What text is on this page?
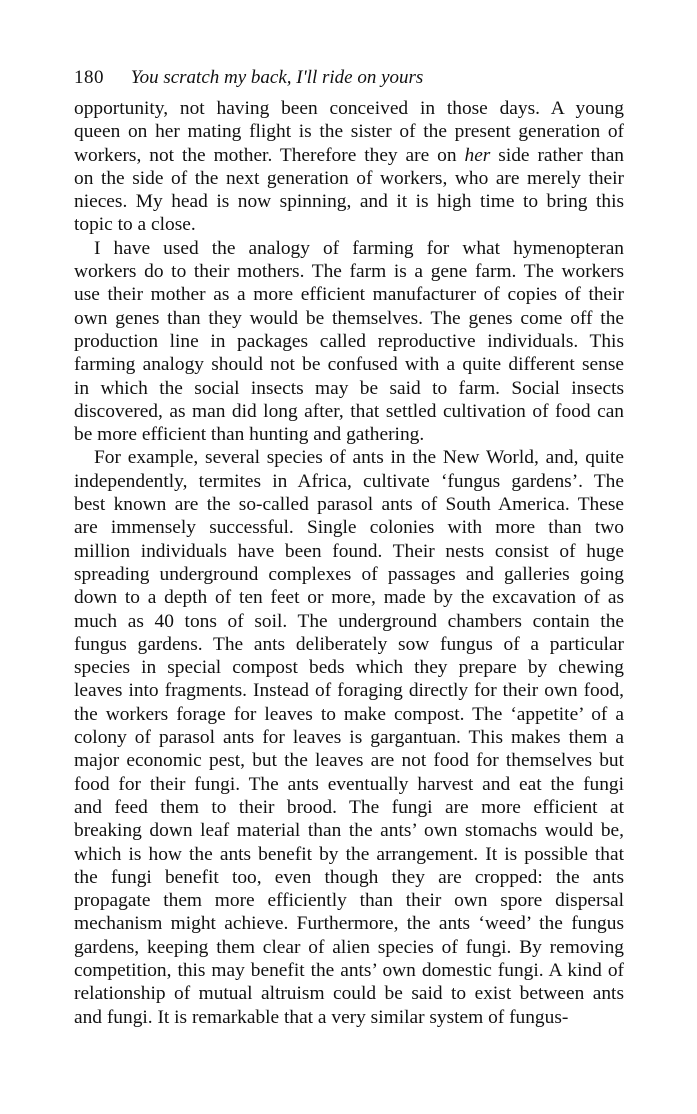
180 You scratch my back, I'll ride on yours

opportunity, not having been conceived in those days. A young
queen on her mating flight is the sister of the present generation of
workers, not the mother. Therefore they are on her side rather than
on the side of the next generation of workers, who are merely their
nieces. My head is now spinning, and it is high time to bring this
topic to a close.

I have used the analogy of farming for what hymenopteran
workers do to their mothers. The farm is a gene farm. The workers
use their mother as a more efficient manufacturer of copies of their
own genes than they would be themselves. The genes come off the
production line in packages called reproductive individuals. This
farming analogy should not be confused with a quite different sense
in which the social insects may be said to farm. Social insects
discovered, as man did long after, that settled cultivation of food can
be more efficient than hunting and gathering.

For example, several species of ants in the New World, and, quite
independently, termites in Africa, cultivate ‘fungus gardens’. The
best known are the so-called parasol ants of South America. These
are immensely successful. Single colonies with more than two
million individuals have been found. Their nests consist of huge
spreading underground complexes of passages and galleries going
down to a depth of ten feet or more, made by the excavation of as
much as 40 tons of soil. The underground chambers contain the
fungus gardens. The ants deliberately sow fungus of a particular
species in special compost beds which they prepare by chewing
leaves into fragments. Instead of foraging directly for their own food,
the workers forage for leaves to make compost. The ‘appetite’ of a
colony of parasol ants for leaves is gargantuan. This makes them a
major economic pest, but the leaves are not food for themselves but
food for their fungi. The ants eventually harvest and eat the fungi
and feed them to their brood. The fungi are more efficient at
breaking down leaf material than the ants’ own stomachs would be,
which is how the ants benefit by the arrangement. It is possible that
the fungi benefit too, even though they are cropped: the ants
propagate them more efficiently than their own spore dispersal
mechanism might achieve. Furthermore, the ants ‘weed’ the fungus
gardens, keeping them clear of alien species of fungi. By removing
competition, this may benefit the ants’ own domestic fungi. A kind of
relationship of mutual altruism could be said to exist between ants
and fungi. It is remarkable that a very similar system of fungus-
